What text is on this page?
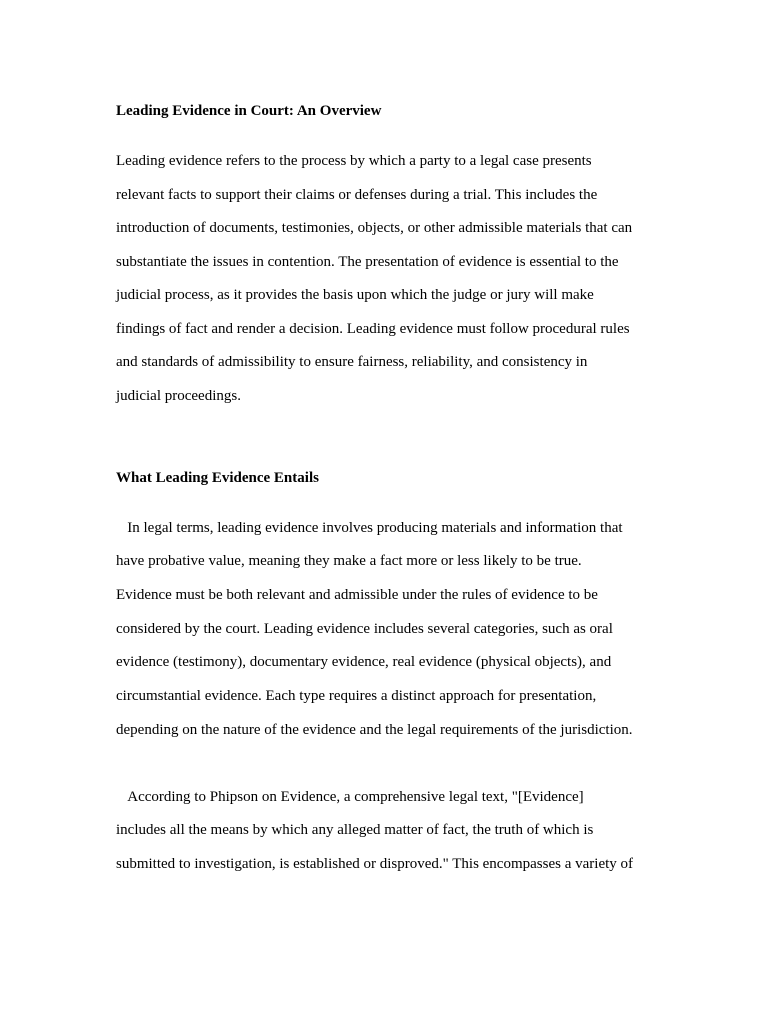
Leading Evidence in Court: An Overview
Leading evidence refers to the process by which a party to a legal case presents
relevant facts to support their claims or defenses during a trial. This includes the
introduction of documents, testimonies, objects, or other admissible materials that can
substantiate the issues in contention. The presentation of evidence is essential to the
judicial process, as it provides the basis upon which the judge or jury will make
findings of fact and render a decision. Leading evidence must follow procedural rules
and standards of admissibility to ensure fairness, reliability, and consistency in
judicial proceedings.
What Leading Evidence Entails
In legal terms, leading evidence involves producing materials and information that
have probative value, meaning they make a fact more or less likely to be true.
Evidence must be both relevant and admissible under the rules of evidence to be
considered by the court. Leading evidence includes several categories, such as oral
evidence (testimony), documentary evidence, real evidence (physical objects), and
circumstantial evidence. Each type requires a distinct approach for presentation,
depending on the nature of the evidence and the legal requirements of the jurisdiction.
According to Phipson on Evidence, a comprehensive legal text, "[Evidence]
includes all the means by which any alleged matter of fact, the truth of which is
submitted to investigation, is established or disproved." This encompasses a variety of
